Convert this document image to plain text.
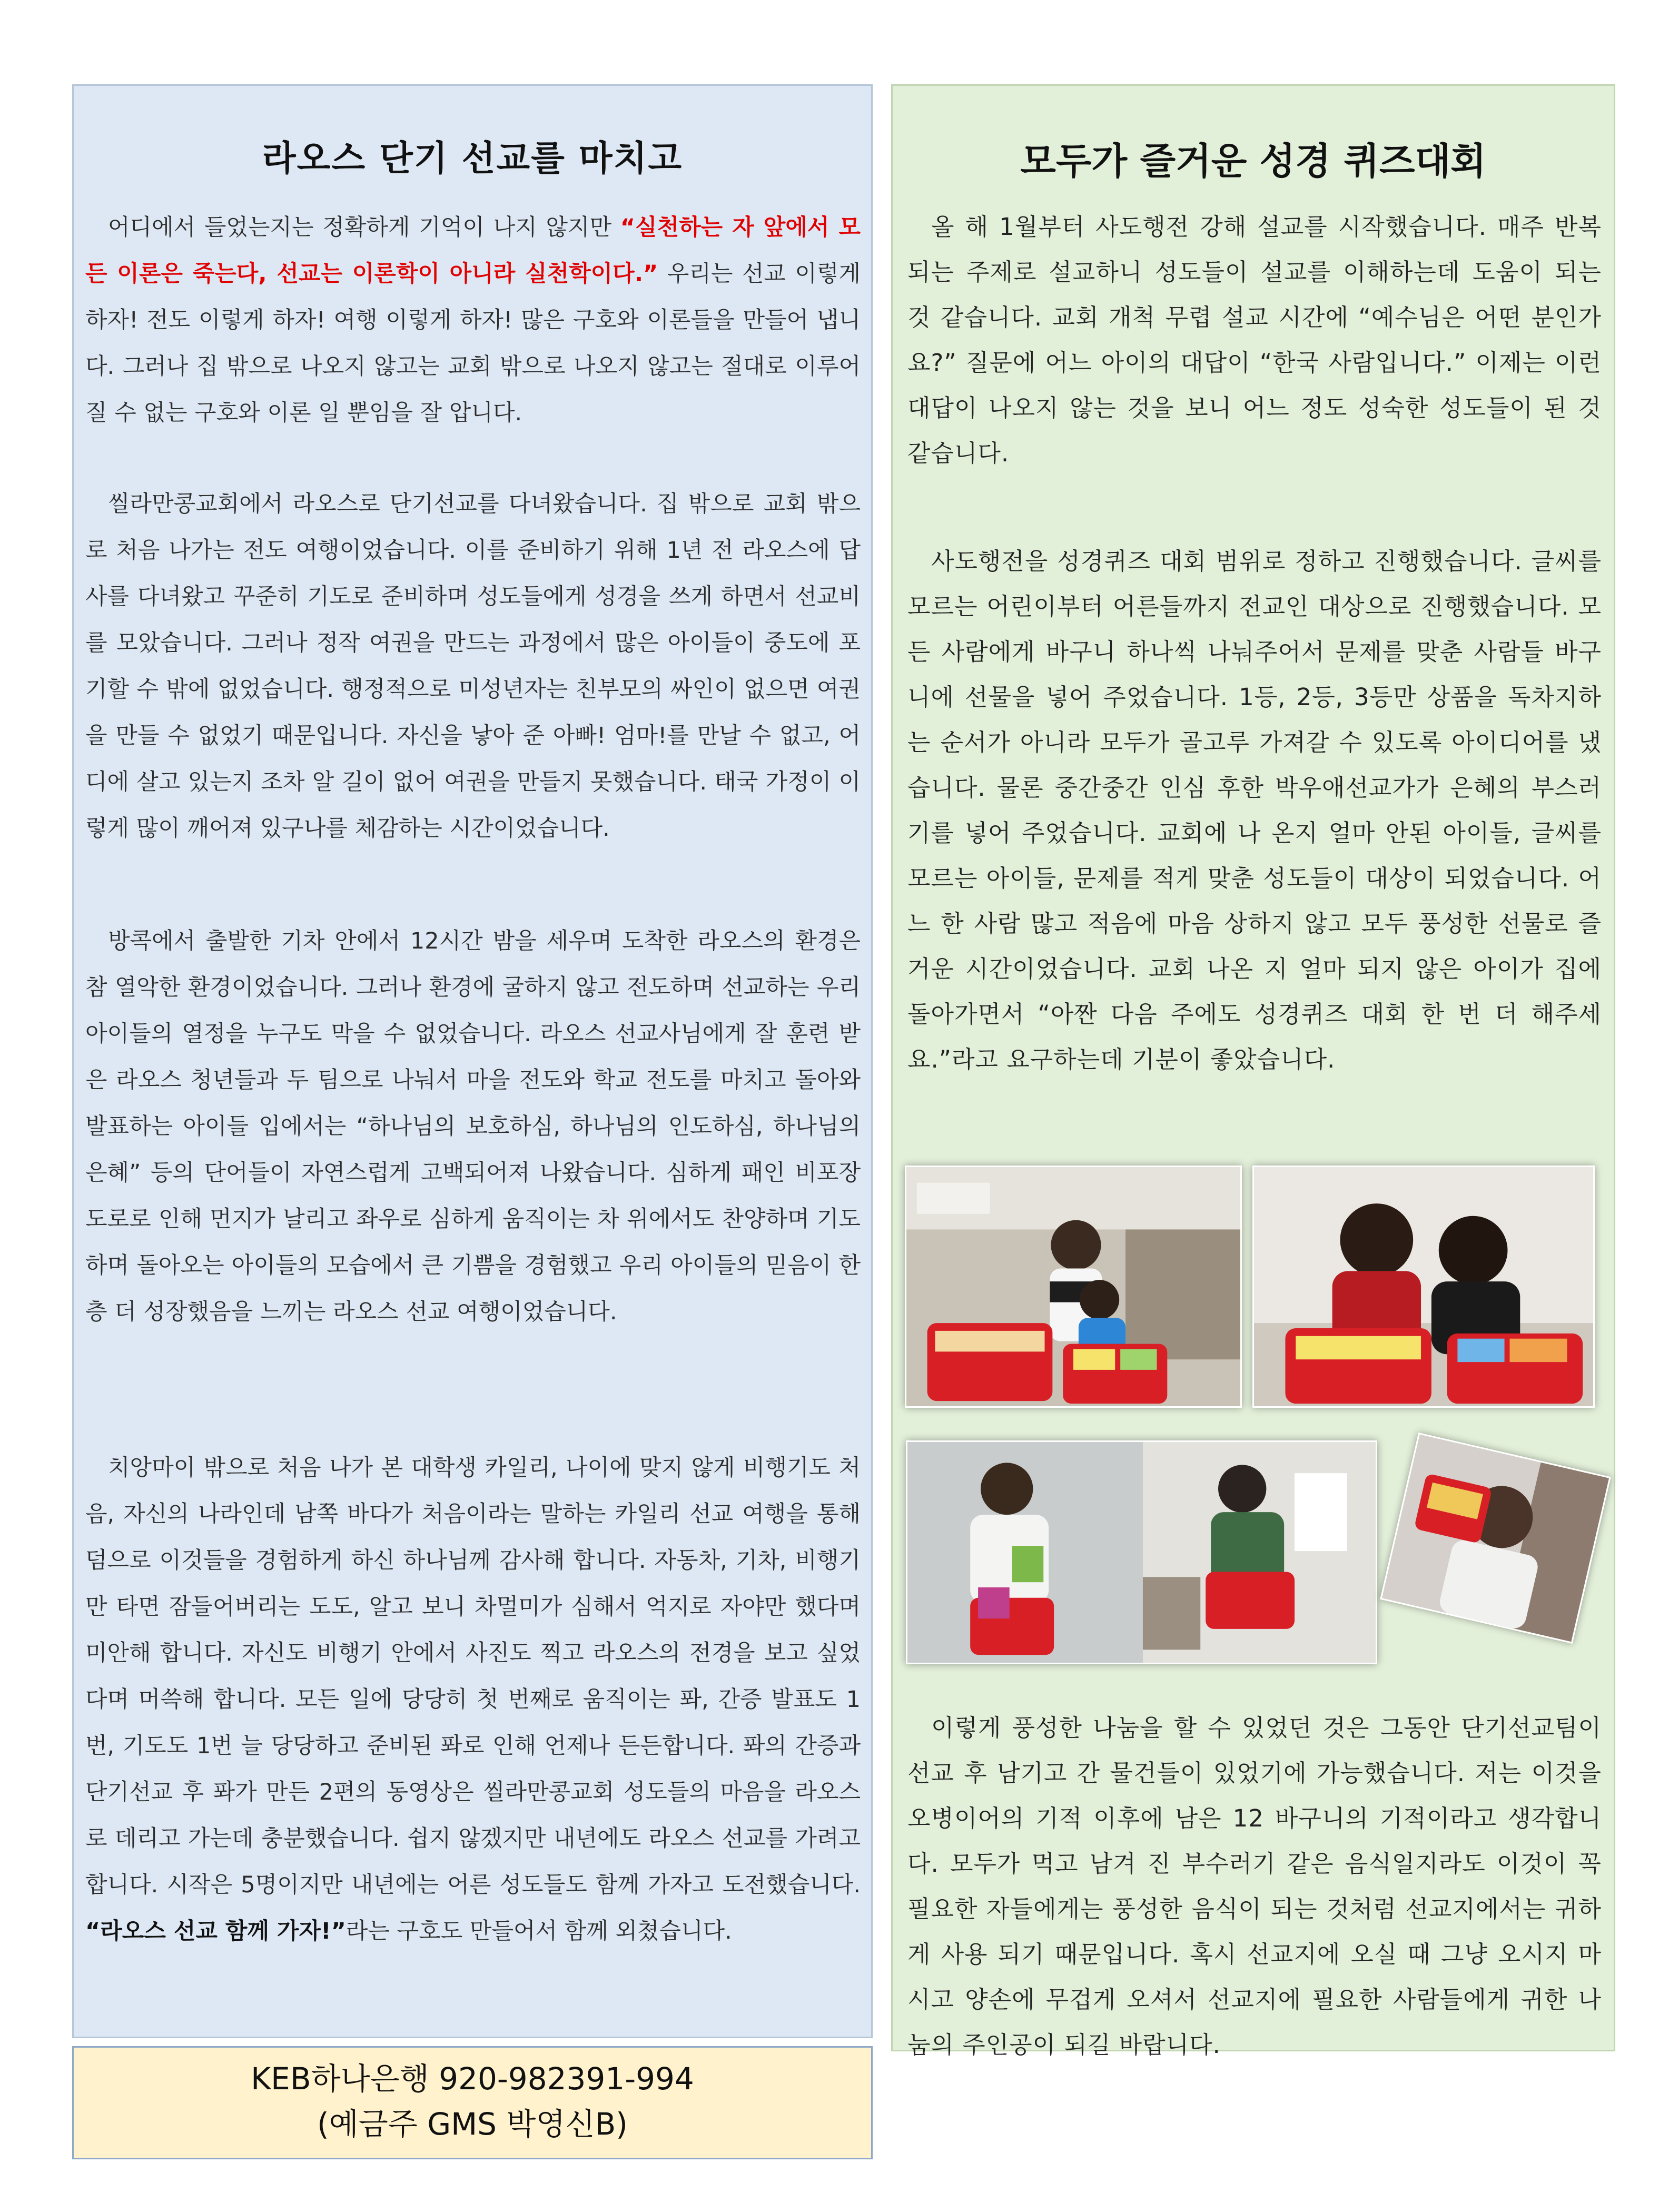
라오스 단기 선교를 마치고

어디에서 들었는지는 정확하게 기억이 나지 않지만 “실천하는 자 앞에서 모든 이론은 죽는다, 선교는 이론학이 아니라 실천학이다.” 우리는 선교 이렇게 하자! 전도 이렇게 하자! 여행 이렇게 하자! 많은 구호와 이론들을 만들어 냅니다. 그러나 집 밖으로 나오지 않고는 교회 밖으로 나오지 않고는 절대로 이루어질 수 없는 구호와 이론 일 뿐임을 잘 압니다.

씰라만콩교회에서 라오스로 단기선교를 다녀왔습니다. 집 밖으로 교회 밖으로 처음 나가는 전도 여행이었습니다. 이를 준비하기 위해 1년 전 라오스에 답사를 다녀왔고 꾸준히 기도로 준비하며 성도들에게 성경을 쓰게 하면서 선교비를 모았습니다. 그러나 정작 여권을 만드는 과정에서 많은 아이들이 중도에 포기할 수 밖에 없었습니다. 행정적으로 미성년자는 친부모의 싸인이 없으면 여권을 만들 수 없었기 때문입니다. 자신을 낳아 준 아빠! 엄마!를 만날 수 없고, 어디에 살고 있는지 조차 알 길이 없어 여권을 만들지 못했습니다. 태국 가정이 이렇게 많이 깨어져 있구나를 체감하는 시간이었습니다.

방콕에서 출발한 기차 안에서 12시간 밤을 세우며 도착한 라오스의 환경은 참 열악한 환경이었습니다. 그러나 환경에 굴하지 않고 전도하며 선교하는 우리 아이들의 열정을 누구도 막을 수 없었습니다. 라오스 선교사님에게 잘 훈련 받은 라오스 청년들과 두 팀으로 나눠서 마을 전도와 학교 전도를 마치고 돌아와 발표하는 아이들 입에서는 “하나님의 보호하심, 하나님의 인도하심, 하나님의 은혜” 등의 단어들이 자연스럽게 고백되어져 나왔습니다. 심하게 패인 비포장 도로로 인해 먼지가 날리고 좌우로 심하게 움직이는 차 위에서도 찬양하며 기도하며 돌아오는 아이들의 모습에서 큰 기쁨을 경험했고 우리 아이들의 믿음이 한층 더 성장했음을 느끼는 라오스 선교 여행이었습니다.

치앙마이 밖으로 처음 나가 본 대학생 카일리, 나이에 맞지 않게 비행기도 처음, 자신의 나라인데 남쪽 바다가 처음이라는 말하는 카일리 선교 여행을 통해 덤으로 이것들을 경험하게 하신 하나님께 감사해 합니다. 자동차, 기차, 비행기만 타면 잠들어버리는 도도, 알고 보니 차멀미가 심해서 억지로 자야만 했다며 미안해 합니다. 자신도 비행기 안에서 사진도 찍고 라오스의 전경을 보고 싶었다며 머쓱해 합니다. 모든 일에 당당히 첫 번째로 움직이는 퐈, 간증 발표도 1번, 기도도 1번 늘 당당하고 준비된 퐈로 인해 언제나 든든합니다. 퐈의 간증과 단기선교 후 퐈가 만든 2편의 동영상은 씰라만콩교회 성도들의 마음을 라오스로 데리고 가는데 충분했습니다. 쉽지 않겠지만 내년에도 라오스 선교를 가려고 합니다. 시작은 5명이지만 내년에는 어른 성도들도 함께 가자고 도전했습니다. “라오스 선교 함께 가자!”라는 구호도 만들어서 함께 외쳤습니다.

KEB하나은행 920-982391-994
(예금주 GMS 박영신B)
모두가 즐거운 성경 퀴즈대회

올 해 1월부터 사도행전 강해 설교를 시작했습니다. 매주 반복되는 주제로 설교하니 성도들이 설교를 이해하는데 도움이 되는 것 같습니다. 교회 개척 무렵 설교 시간에 “예수님은 어떤 분인가요?” 질문에 어느 아이의 대답이 “한국 사람입니다.” 이제는 이런 대답이 나오지 않는 것을 보니 어느 정도 성숙한 성도들이 된 것 같습니다.

사도행전을 성경퀴즈 대회 범위로 정하고 진행했습니다. 글씨를 모르는 어린이부터 어른들까지 전교인 대상으로 진행했습니다. 모든 사람에게 바구니 하나씩 나눠주어서 문제를 맞춘 사람들 바구니에 선물을 넣어 주었습니다. 1등, 2등, 3등만 상품을 독차지하는 순서가 아니라 모두가 골고루 가져갈 수 있도록 아이디어를 냈습니다. 물론 중간중간 인심 후한 박우애선교가가 은혜의 부스러기를 넣어 주었습니다. 교회에 나 온지 얼마 안된 아이들, 글씨를 모르는 아이들, 문제를 적게 맞춘 성도들이 대상이 되었습니다. 어느 한 사람 많고 적음에 마음 상하지 않고 모두 풍성한 선물로 즐거운 시간이었습니다. 교회 나온 지 얼마 되지 않은 아이가 집에 돌아가면서 “아짠 다음 주에도 성경퀴즈 대회 한 번 더 해주세요.”라고 요구하는데 기분이 좋았습니다.

이렇게 풍성한 나눔을 할 수 있었던 것은 그동안 단기선교팀이 선교 후 남기고 간 물건들이 있었기에 가능했습니다. 저는 이것을 오병이어의 기적 이후에 남은 12 바구니의 기적이라고 생각합니다. 모두가 먹고 남겨 진 부수러기 같은 음식일지라도 이것이 꼭 필요한 자들에게는 풍성한 음식이 되는 것처럼 선교지에서는 귀하게 사용 되기 때문입니다. 혹시 선교지에 오실 때 그냥 오시지 마시고 양손에 무겁게 오셔서 선교지에 필요한 사람들에게 귀한 나눔의 주인공이 되길 바랍니다.
